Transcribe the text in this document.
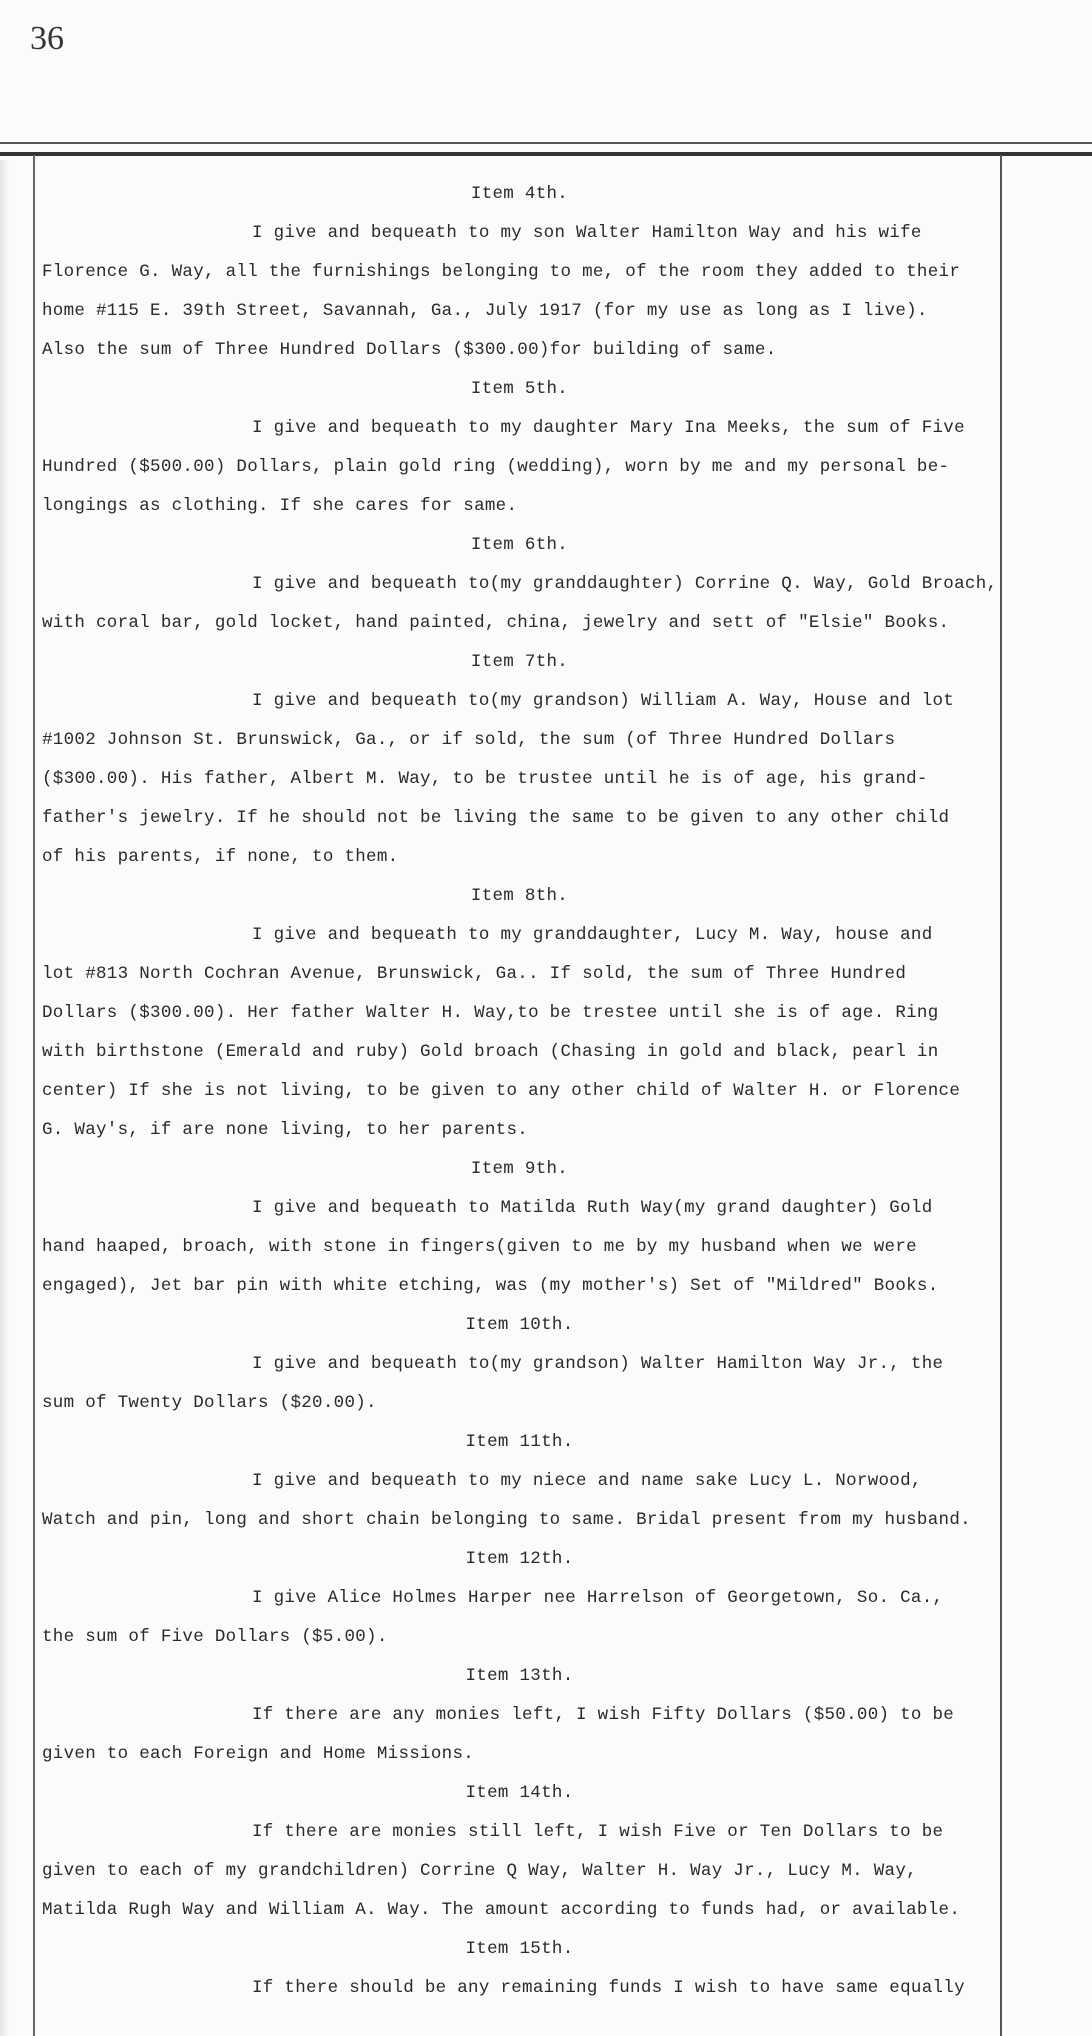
36
Item 4th.
I give and bequeath to my son Walter Hamilton Way and his wife
Florence G. Way, all the furnishings belonging to me, of the room they added to their
home #115 E. 39th Street, Savannah, Ga., July 1917 (for my use as long as I live).
Also the sum of Three Hundred Dollars ($300.00)for building of same.
Item 5th.
I give and bequeath to my daughter Mary Ina Meeks, the sum of Five
Hundred ($500.00) Dollars, plain gold ring (wedding), worn by me and my personal be-
longings as clothing. If she cares for same.
Item 6th.
I give and bequeath to(my granddaughter) Corrine Q. Way, Gold Broach,
with coral bar, gold locket, hand painted, china, jewelry and sett of "Elsie" Books.
Item 7th.
I give and bequeath to(my grandson) William A. Way, House and lot
#1002 Johnson St. Brunswick, Ga., or if sold, the sum (of Three Hundred Dollars
($300.00). His father, Albert M. Way, to be trustee until he is of age, his grand-
father's jewelry. If he should not be living the same to be given to any other child
of his parents, if none, to them.
Item 8th.
I give and bequeath to my granddaughter, Lucy M. Way, house and
lot #813 North Cochran Avenue, Brunswick, Ga.. If sold, the sum of Three Hundred
Dollars ($300.00). Her father Walter H. Way,to be trestee until she is of age. Ring
with birthstone (Emerald and ruby) Gold broach (Chasing in gold and black, pearl in
center) If she is not living, to be given to any other child of Walter H. or Florence
G. Way's, if are none living, to her parents.
Item 9th.
I give and bequeath to Matilda Ruth Way(my grand daughter) Gold
hand haaped, broach, with stone in fingers(given to me by my husband when we were
engaged), Jet bar pin with white etching, was (my mother's) Set of "Mildred" Books.
Item 10th.
I give and bequeath to(my grandson) Walter Hamilton Way Jr., the
sum of Twenty Dollars ($20.00).
Item 11th.
I give and bequeath to my niece and name sake Lucy L. Norwood,
Watch and pin, long and short chain belonging to same. Bridal present from my husband.
Item 12th.
I give Alice Holmes Harper nee Harrelson of Georgetown, So. Ca.,
the sum of Five Dollars ($5.00).
Item 13th.
If there are any monies left, I wish Fifty Dollars ($50.00) to be
given to each Foreign and Home Missions.
Item 14th.
If there are monies still left, I wish Five or Ten Dollars to be
given to each of my grandchildren) Corrine Q Way, Walter H. Way Jr., Lucy M. Way,
Matilda Rugh Way and William A. Way. The amount according to funds had, or available.
Item 15th.
If there should be any remaining funds I wish to have same equally
